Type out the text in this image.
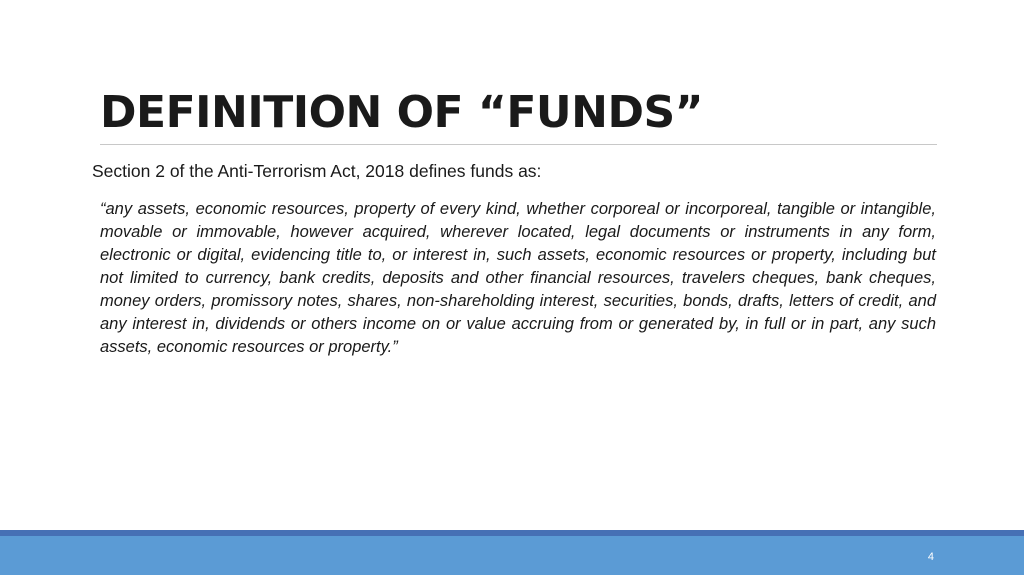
DEFINITION OF “FUNDS”

Section 2 of the Anti-Terrorism Act, 2018 defines funds as:

“any assets, economic resources, property of every kind, whether corporeal or incorporeal, tangible or intangible, movable or immovable, however acquired, wherever located, legal documents or instruments in any form, electronic or digital, evidencing title to, or interest in, such assets, economic resources or property, including but not limited to currency, bank credits, deposits and other financial resources, travelers cheques, bank cheques, money orders, promissory notes, shares, non-shareholding interest, securities, bonds, drafts, letters of credit, and any interest in, dividends or others income on or value accruing from or generated by, in full or in part, any such assets, economic resources or property.”

4
